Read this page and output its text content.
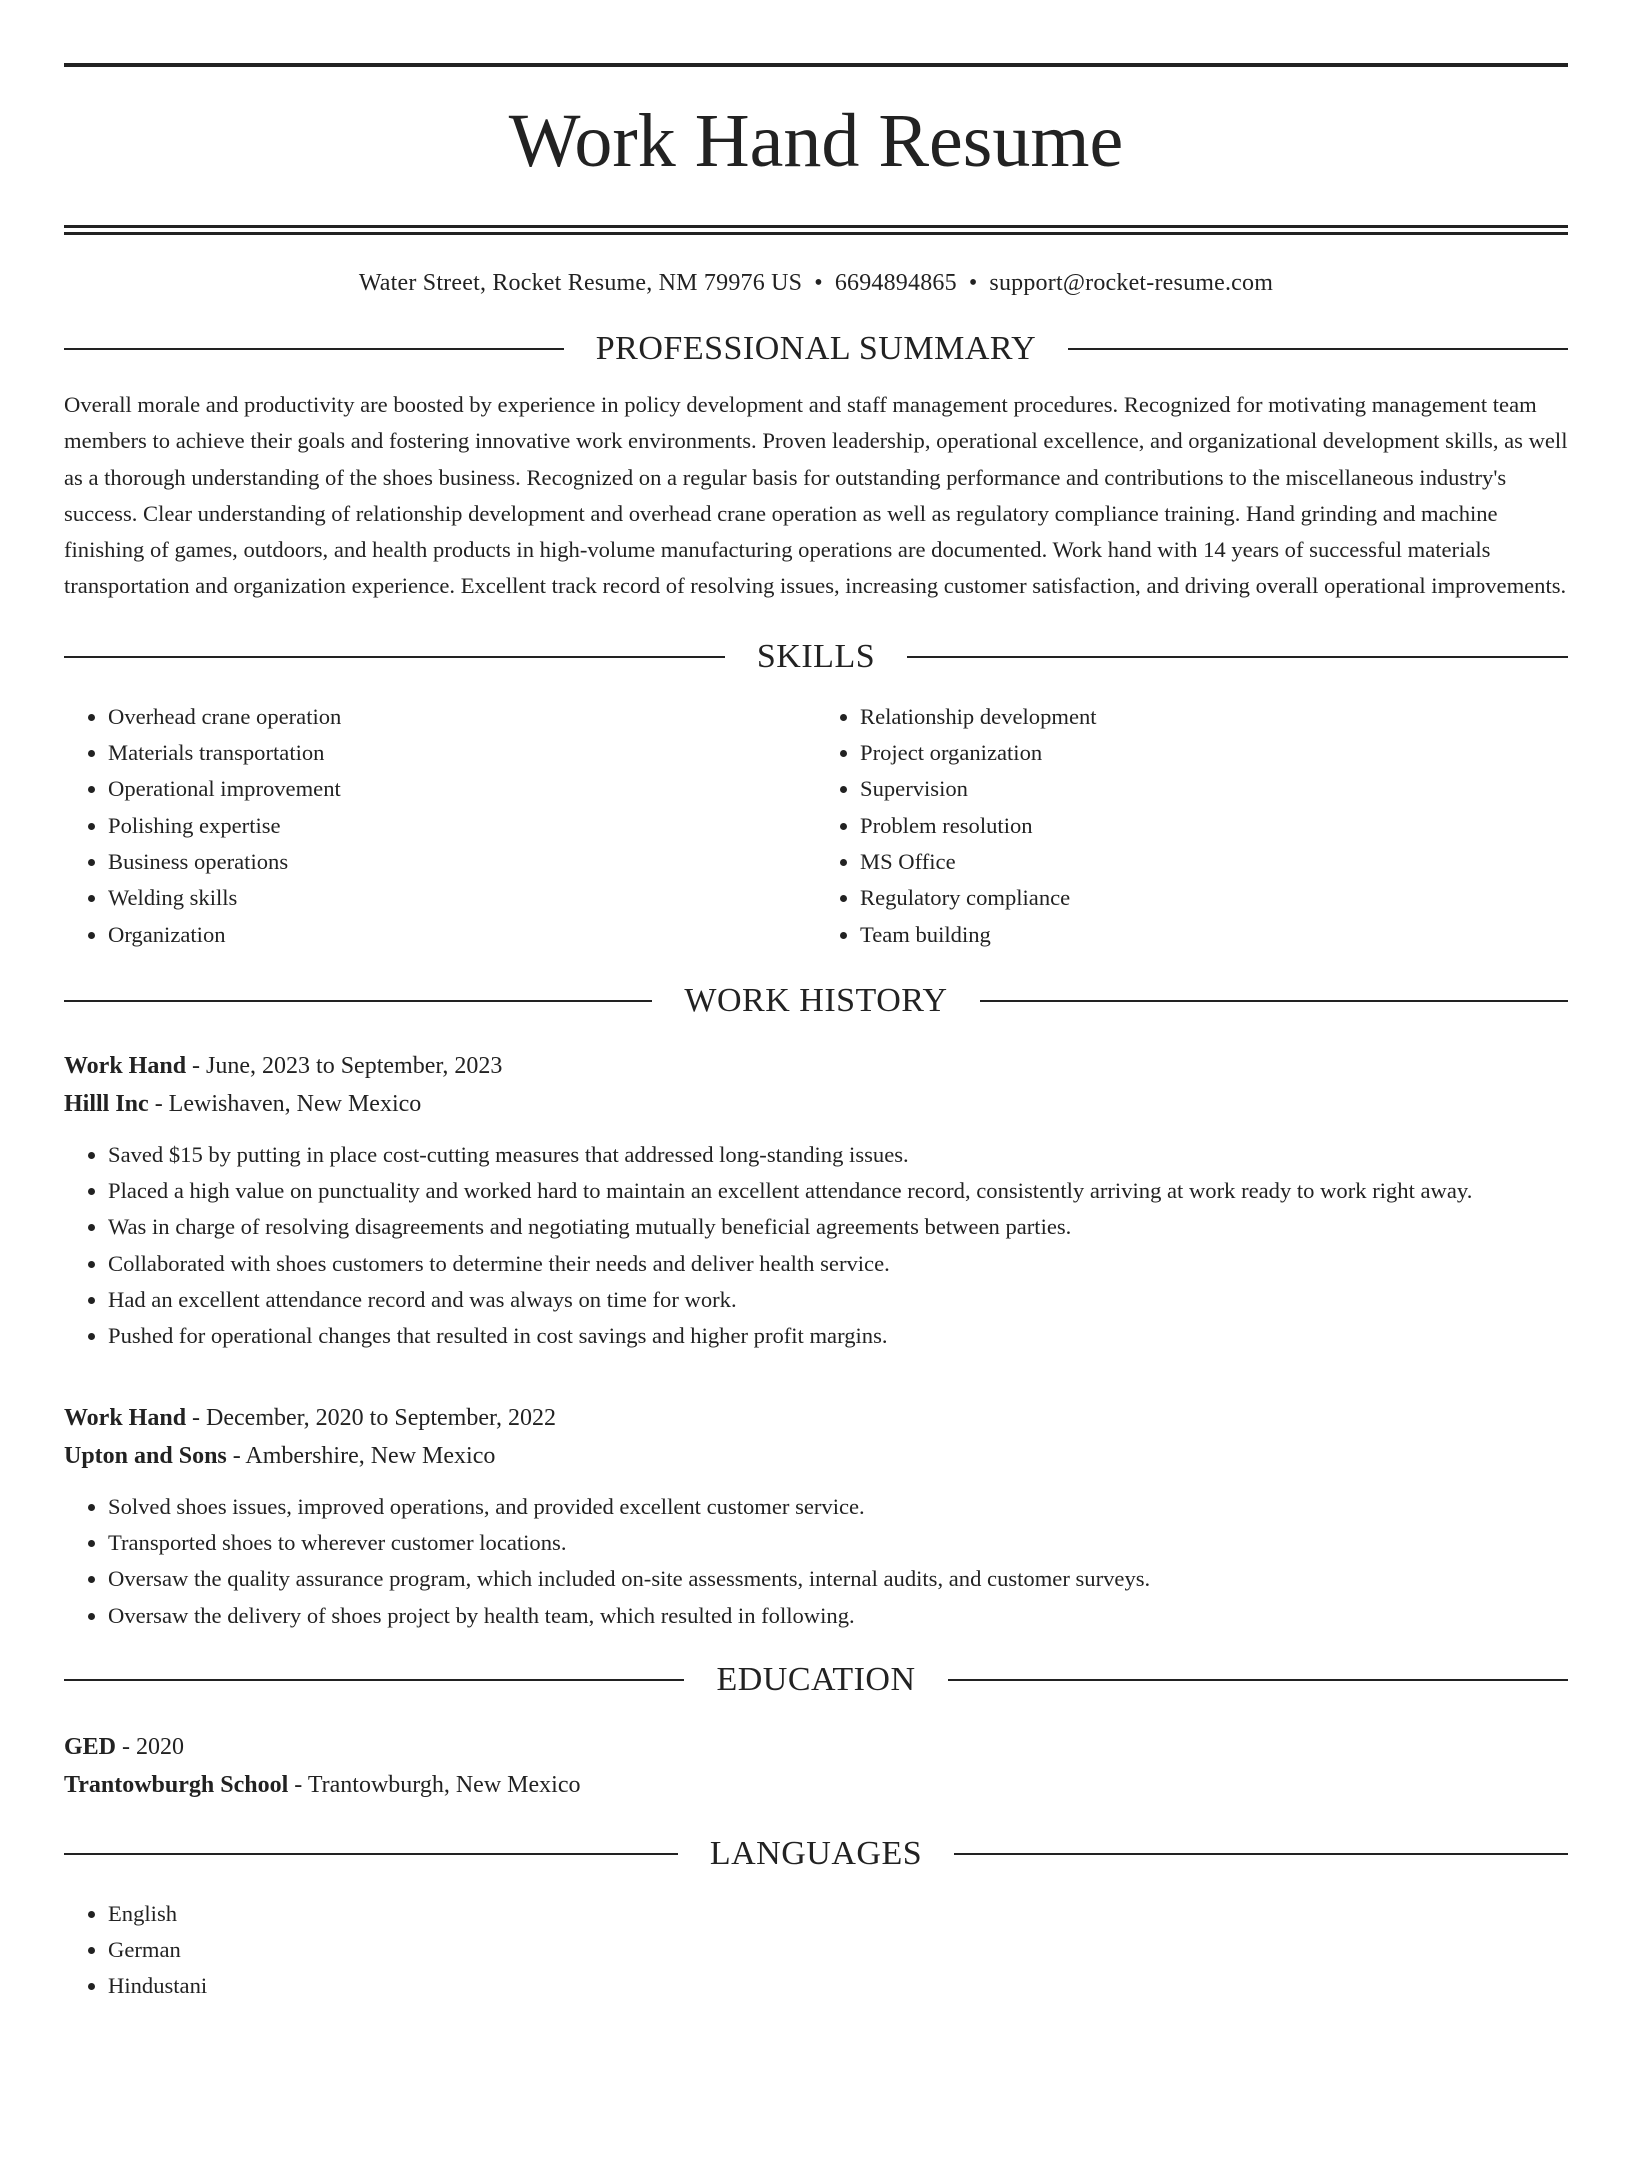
Work Hand Resume
Water Street, Rocket Resume, NM 79976 US • 6694894865 • support@rocket-resume.com
PROFESSIONAL SUMMARY
Overall morale and productivity are boosted by experience in policy development and staff management procedures. Recognized for motivating management team members to achieve their goals and fostering innovative work environments. Proven leadership, operational excellence, and organizational development skills, as well as a thorough understanding of the shoes business. Recognized on a regular basis for outstanding performance and contributions to the miscellaneous industry's success. Clear understanding of relationship development and overhead crane operation as well as regulatory compliance training. Hand grinding and machine finishing of games, outdoors, and health products in high-volume manufacturing operations are documented. Work hand with 14 years of successful materials transportation and organization experience. Excellent track record of resolving issues, increasing customer satisfaction, and driving overall operational improvements.
SKILLS
• Overhead crane operation
• Materials transportation
• Operational improvement
• Polishing expertise
• Business operations
• Welding skills
• Organization
• Relationship development
• Project organization
• Supervision
• Problem resolution
• MS Office
• Regulatory compliance
• Team building
WORK HISTORY
Work Hand - June, 2023 to September, 2023
Hilll Inc - Lewishaven, New Mexico
• Saved $15 by putting in place cost-cutting measures that addressed long-standing issues.
• Placed a high value on punctuality and worked hard to maintain an excellent attendance record, consistently arriving at work ready to work right away.
• Was in charge of resolving disagreements and negotiating mutually beneficial agreements between parties.
• Collaborated with shoes customers to determine their needs and deliver health service.
• Had an excellent attendance record and was always on time for work.
• Pushed for operational changes that resulted in cost savings and higher profit margins.
Work Hand - December, 2020 to September, 2022
Upton and Sons - Ambershire, New Mexico
• Solved shoes issues, improved operations, and provided excellent customer service.
• Transported shoes to wherever customer locations.
• Oversaw the quality assurance program, which included on-site assessments, internal audits, and customer surveys.
• Oversaw the delivery of shoes project by health team, which resulted in following.
EDUCATION
GED - 2020
Trantowburgh School - Trantowburgh, New Mexico
LANGUAGES
• English
• German
• Hindustani
